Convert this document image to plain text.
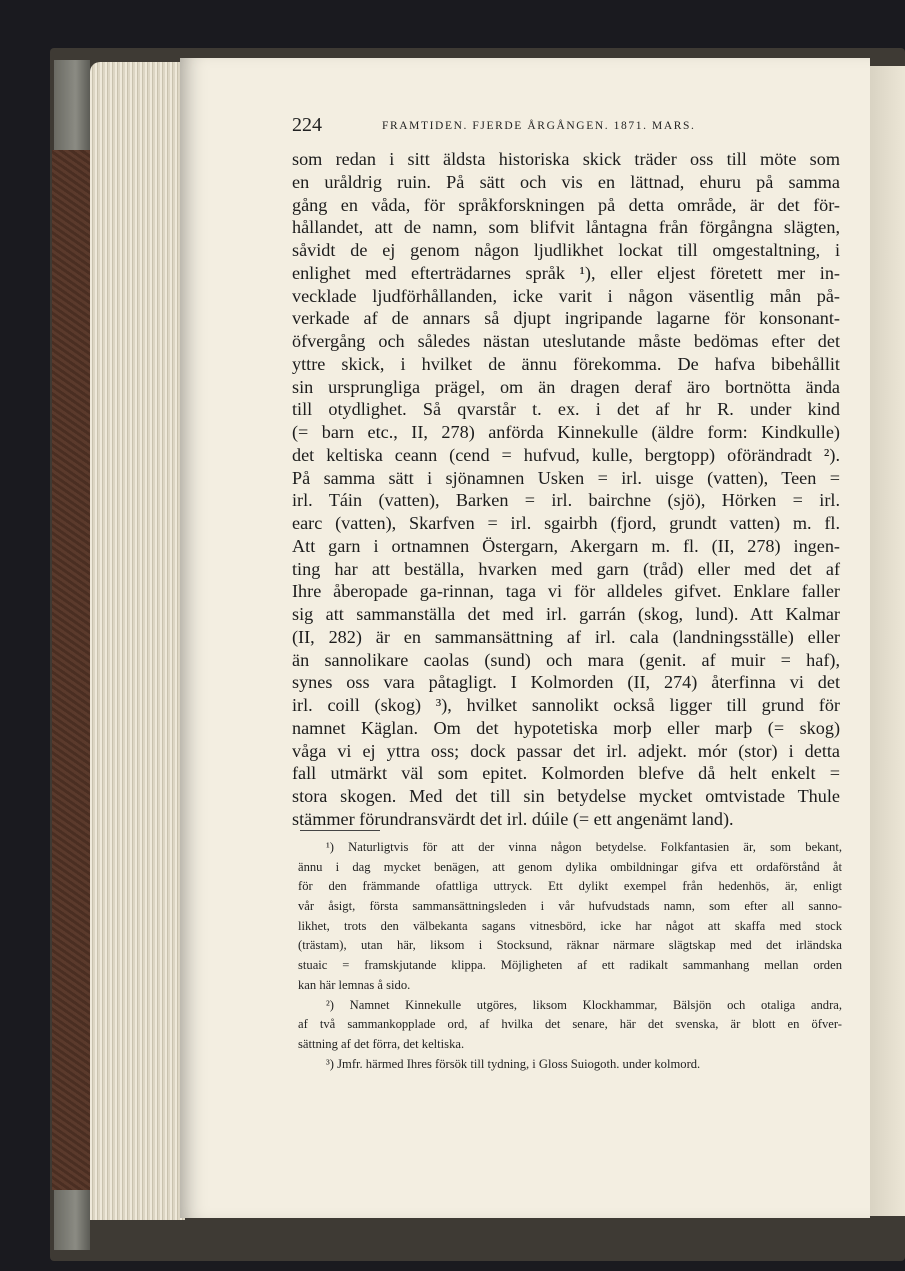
224	FRAMTIDEN. FJERDE ÅRGÅNGEN. 1871. MARS.
som redan i sitt äldsta historiska skick träder oss till möte som
en uråldrig ruin. På sätt och vis en lättnad, ehuru på samma
gång en våda, för språkforskningen på detta område, är det för-
hållandet, att de namn, som blifvit låntagna från förgångna slägten,
såvidt de ej genom någon ljudlikhet lockat till omgestaltning, i
enlighet med efterträdarnes språk ¹), eller eljest företett mer in-
vecklade ljudförhållanden, icke varit i någon väsentlig mån på-
verkade af de annars så djupt ingripande lagarne för konsonant-
öfvergång och således nästan uteslutande måste bedömas efter det
yttre skick, i hvilket de ännu förekomma. De hafva bibehållit
sin ursprungliga prägel, om än dragen deraf äro bortnötta ända
till otydlighet. Så qvarstår t. ex. i det af hr R. under kind
(= barn etc., II, 278) anförda Kinnekulle (äldre form: Kindkulle)
det keltiska ceann (cend = hufvud, kulle, bergtopp) oförändradt ²).
På samma sätt i sjönamnen Usken = irl. uisge (vatten), Teen =
irl. Táin (vatten), Barken = irl. bairchne (sjö), Hörken = irl.
earc (vatten), Skarfven = irl. sgairbh (fjord, grundt vatten) m. fl.
Att garn i ortnamnen Östergarn, Akergarn m. fl. (II, 278) ingen-
ting har att beställa, hvarken med garn (tråd) eller med det af
Ihre åberopade ga-rinnan, taga vi för alldeles gifvet. Enklare faller
sig att sammanställa det med irl. garrán (skog, lund). Att Kalmar
(II, 282) är en sammansättning af irl. cala (landningsställe) eller
än sannolikare caolas (sund) och mara (genit. af muir = haf),
synes oss vara påtagligt. I Kolmorden (II, 274) återfinna vi det
irl. coill (skog) ³), hvilket sannolikt också ligger till grund för
namnet Käglan. Om det hypotetiska morþ eller marþ (= skog)
våga vi ej yttra oss; dock passar det irl. adjekt. mór (stor) i detta
fall utmärkt väl som epitet. Kolmorden blefve då helt enkelt =
stora skogen. Med det till sin betydelse mycket omtvistade Thule
stämmer förundransvärdt det irl. dúile (= ett angenämt land).
¹) Naturligtvis för att der vinna någon betydelse. Folkfantasien är, som bekant,
ännu i dag mycket benägen, att genom dylika ombildningar gifva ett ordaförstånd åt
för den främmande ofattliga uttryck. Ett dylikt exempel från hedenhös, är, enligt
vår åsigt, första sammansättningsleden i vår hufvudstads namn, som efter all sanno-
likhet, trots den välbekanta sagans vitnesbörd, icke har något att skaffa med stock
(trästam), utan här, liksom i Stocksund, räknar närmare slägtskap med det irländska
stuaic = framskjutande klippa. Möjligheten af ett radikalt sammanhang mellan orden
kan här lemnas å sido.
²) Namnet Kinnekulle utgöres, liksom Klockhammar, Bälsjön och otaliga andra,
af två sammankopplade ord, af hvilka det senare, här det svenska, är blott en öfver-
sättning af det förra, det keltiska.
³) Jmfr. härmed Ihres försök till tydning, i Gloss Suiogoth. under kolmord.
